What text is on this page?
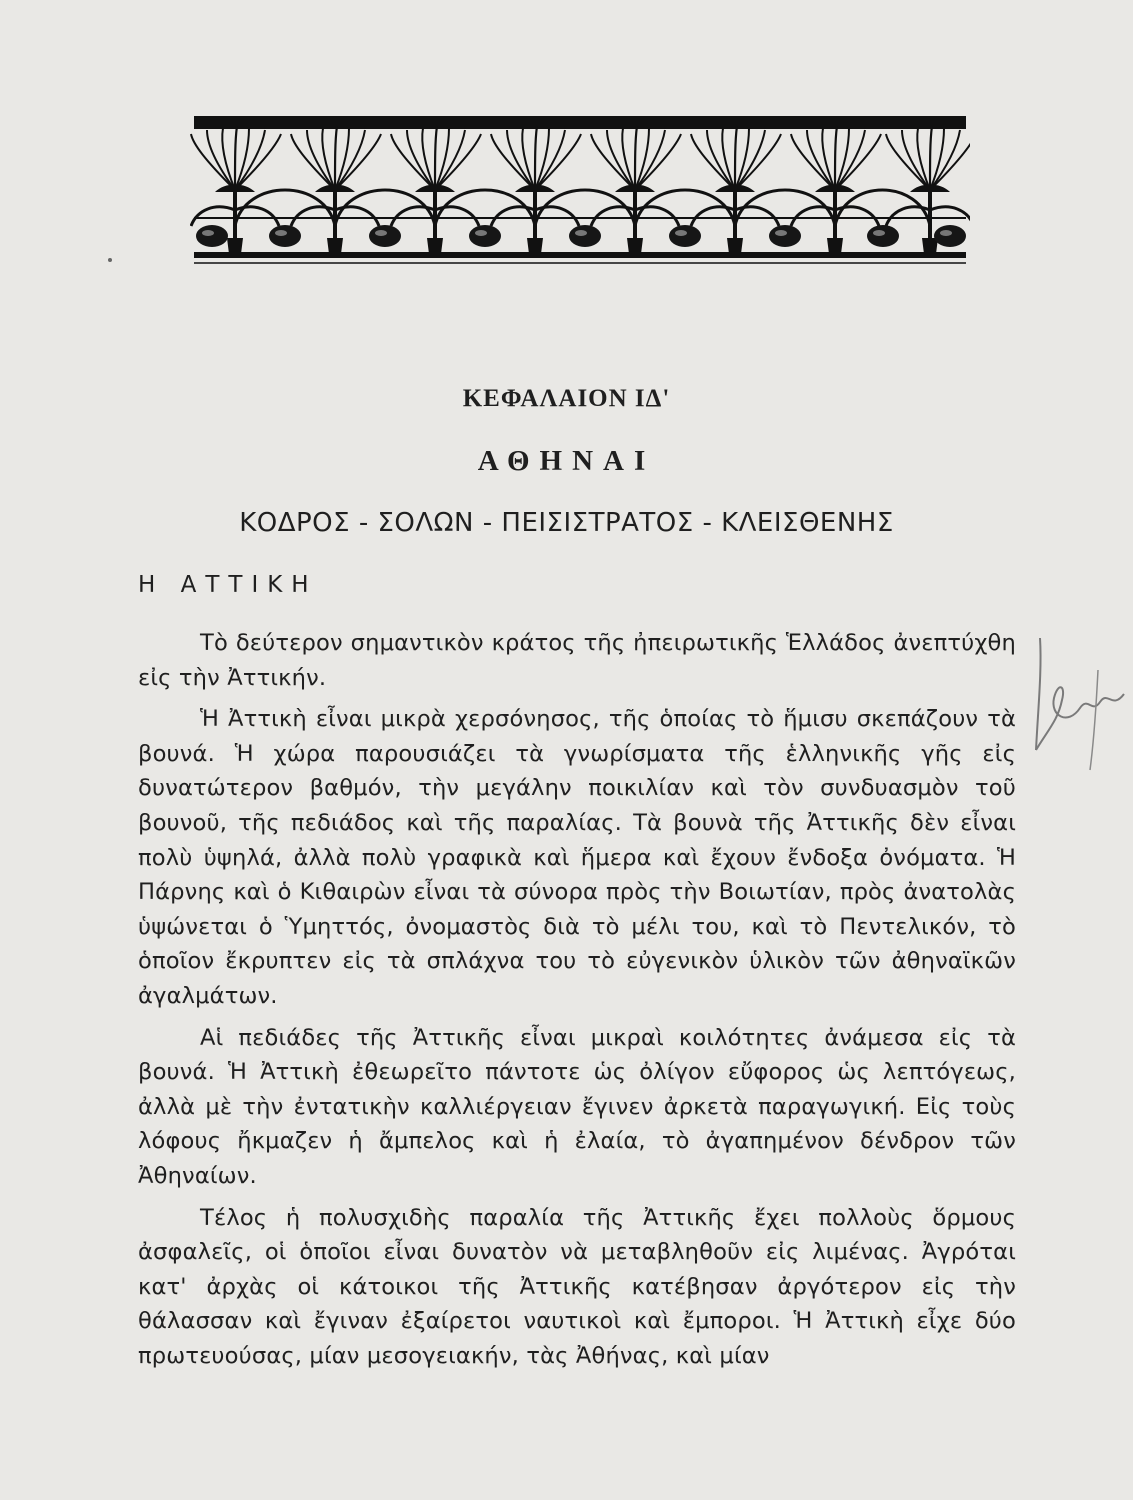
ΚΕΦΑΛΑΙΟΝ ΙΔ'
ΑΘΗΝΑΙ
ΚΟΔΡΟΣ - ΣΟΛΩΝ - ΠΕΙΣΙΣΤΡΑΤΟΣ - ΚΛΕΙΣΘΕΝΗΣ
Η ΑΤΤΙΚΗ

Τὸ δεύτερον σημαντικὸν κράτος τῆς ἠπειρωτικῆς Ἑλλάδος ἀνεπτύχθη εἰς τὴν Ἀττικήν.

Ἡ Ἀττικὴ εἶναι μικρὰ χερσόνησος, τῆς ὁποίας τὸ ἥμισυ σκεπάζουν τὰ βουνά. Ἡ χώρα παρουσιάζει τὰ γνωρίσματα τῆς ἑλληνικῆς γῆς εἰς δυνατώτερον βαθμόν, τὴν μεγάλην ποικιλίαν καὶ τὸν συνδυασμὸν τοῦ βουνοῦ, τῆς πεδιάδος καὶ τῆς παραλίας. Τὰ βουνὰ τῆς Ἀττικῆς δὲν εἶναι πολὺ ὑψηλά, ἀλλὰ πολὺ γραφικὰ καὶ ἥμερα καὶ ἔχουν ἔνδοξα ὀνόματα. Ἡ Πάρνης καὶ ὁ Κιθαιρὼν εἶναι τὰ σύνορα πρὸς τὴν Βοιωτίαν, πρὸς ἀνατολὰς ὑψώνεται ὁ Ὑμηττός, ὀνομαστὸς διὰ τὸ μέλι του, καὶ τὸ Πεντελικόν, τὸ ὁποῖον ἔκρυπτεν εἰς τὰ σπλάχνα του τὸ εὐγενικὸν ὑλικὸν τῶν ἀθηναϊκῶν ἀγαλμάτων.

Αἱ πεδιάδες τῆς Ἀττικῆς εἶναι μικραὶ κοιλότητες ἀνάμεσα εἰς τὰ βουνά. Ἡ Ἀττικὴ ἐθεωρεῖτο πάντοτε ὡς ὀλίγον εὔφορος ὡς λεπτόγεως, ἀλλὰ μὲ τὴν ἐντατικὴν καλλιέργειαν ἔγινεν ἀρκετὰ παραγωγική. Εἰς τοὺς λόφους ἤκμαζεν ἡ ἄμπελος καὶ ἡ ἐλαία, τὸ ἀγαπημένον δένδρον τῶν Ἀθηναίων.

Τέλος ἡ πολυσχιδὴς παραλία τῆς Ἀττικῆς ἔχει πολλοὺς ὅρμους ἀσφαλεῖς, οἱ ὁποῖοι εἶναι δυνατὸν νὰ μεταβληθοῦν εἰς λιμένας. Ἀγρόται κατ' ἀρχὰς οἱ κάτοικοι τῆς Ἀττικῆς κατέβησαν ἀργότερον εἰς τὴν θάλασσαν καὶ ἔγιναν ἐξαίρετοι ναυτικοὶ καὶ ἔμποροι. Ἡ Ἀττικὴ εἶχε δύο πρωτευούσας, μίαν μεσογειακήν, τὰς Ἀθήνας, καὶ μίαν
